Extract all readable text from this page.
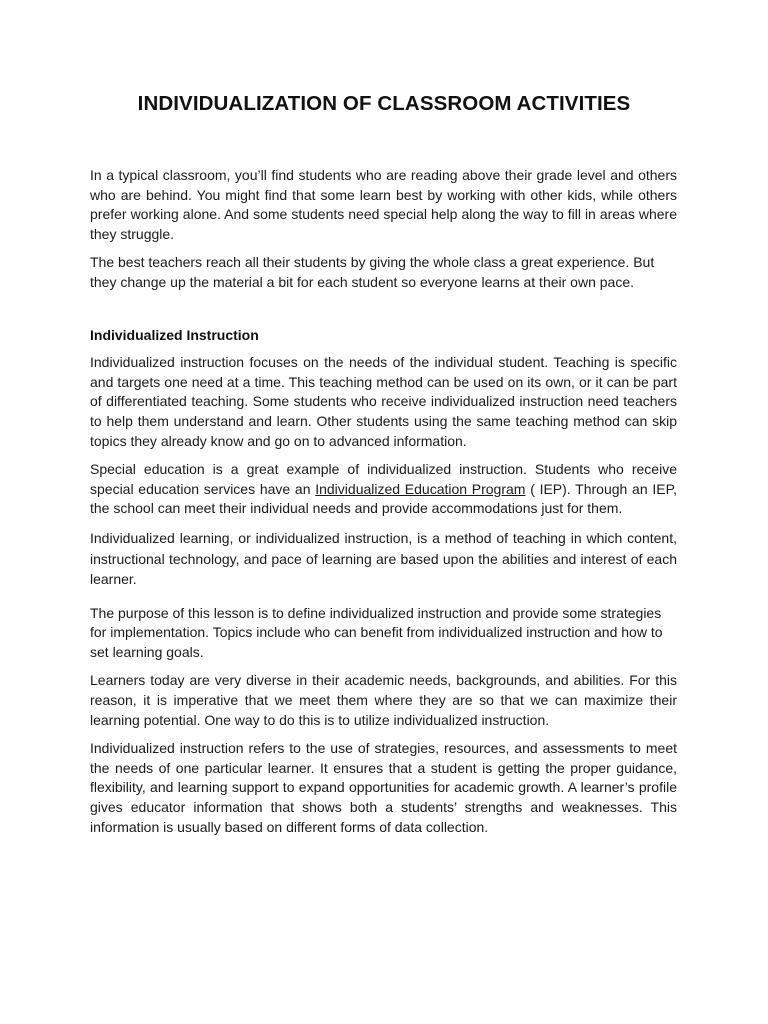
INDIVIDUALIZATION OF CLASSROOM ACTIVITIES

In a typical classroom, you’ll find students who are reading above their grade level and others who are behind. You might find that some learn best by working with other kids, while others prefer working alone. And some students need special help along the way to fill in areas where they struggle.

The best teachers reach all their students by giving the whole class a great experience. But they change up the material a bit for each student so everyone learns at their own pace.

Individualized Instruction

Individualized instruction focuses on the needs of the individual student. Teaching is specific and targets one need at a time. This teaching method can be used on its own, or it can be part of differentiated teaching. Some students who receive individualized instruction need teachers to help them understand and learn. Other students using the same teaching method can skip topics they already know and go on to advanced information.

Special education is a great example of individualized instruction. Students who receive special education services have an Individualized Education Program ( IEP). Through an IEP, the school can meet their individual needs and provide accommodations just for them.

Individualized learning, or individualized instruction, is a method of teaching in which content, instructional technology, and pace of learning are based upon the abilities and interest of each learner.

The purpose of this lesson is to define individualized instruction and provide some strategies for implementation. Topics include who can benefit from individualized instruction and how to set learning goals.

Learners today are very diverse in their academic needs, backgrounds, and abilities. For this reason, it is imperative that we meet them where they are so that we can maximize their learning potential. One way to do this is to utilize individualized instruction.

Individualized instruction refers to the use of strategies, resources, and assessments to meet the needs of one particular learner. It ensures that a student is getting the proper guidance, flexibility, and learning support to expand opportunities for academic growth. A learner’s profile gives educator information that shows both a students’ strengths and weaknesses. This information is usually based on different forms of data collection.
